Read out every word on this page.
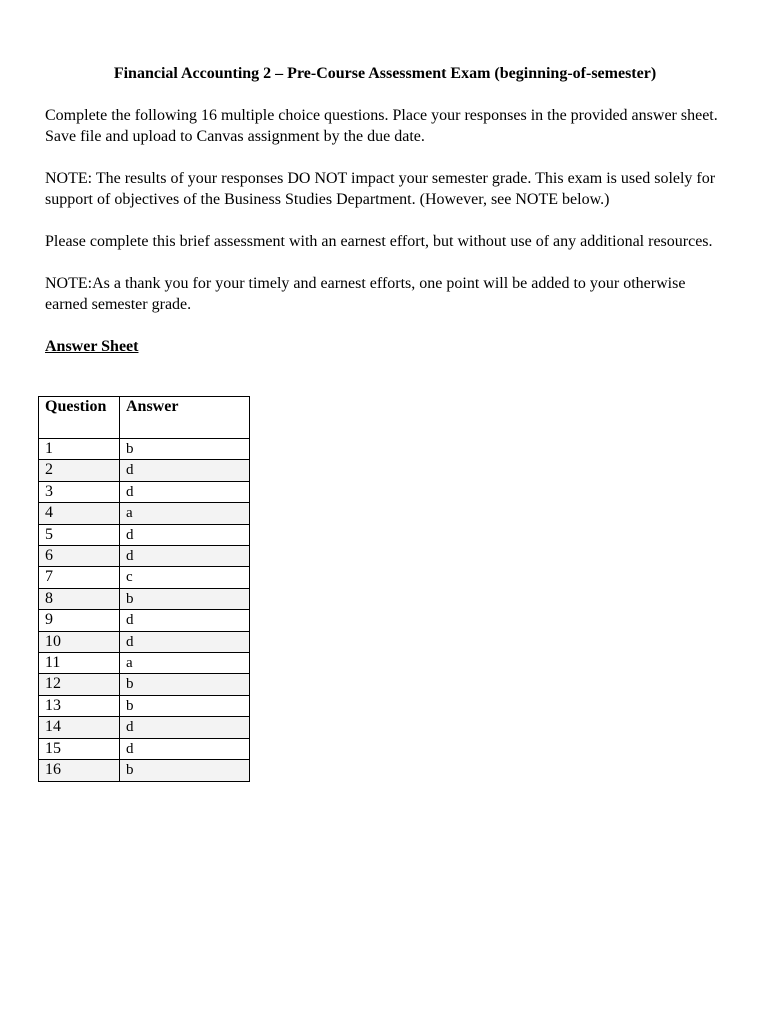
Financial Accounting 2 – Pre-Course Assessment Exam (beginning-of-semester)
Complete the following 16 multiple choice questions. Place your responses in the provided answer sheet. Save file and upload to Canvas assignment by the due date.
NOTE: The results of your responses DO NOT impact your semester grade. This exam is used solely for support of objectives of the Business Studies Department. (However, see NOTE below.)
Please complete this brief assessment with an earnest effort, but without use of any additional resources.
NOTE:As a thank you for your timely and earnest efforts, one point will be added to your otherwise earned semester grade.
Answer Sheet
Question	Answer
1	b
2	d
3	d
4	a
5	d
6	d
7	c
8	b
9	d
10	d
11	a
12	b
13	b
14	d
15	d
16	b
